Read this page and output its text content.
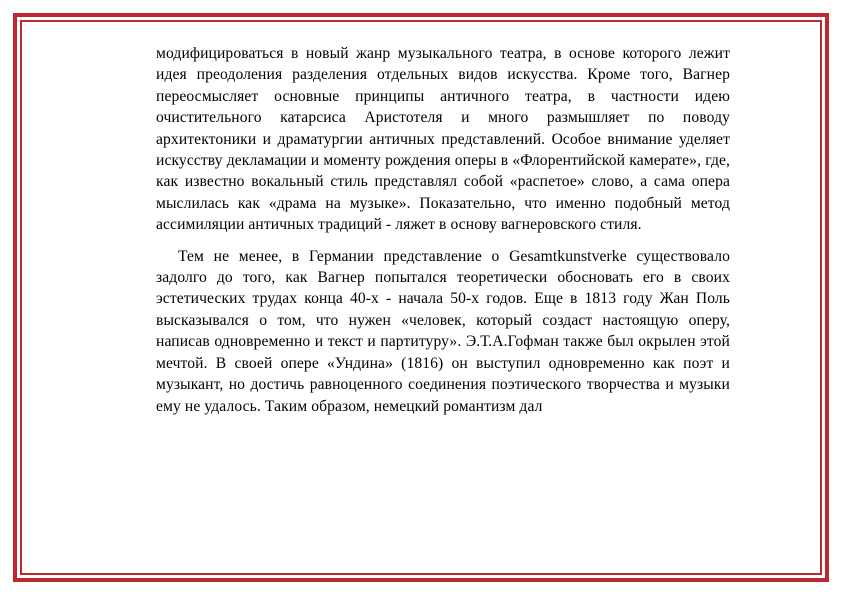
модифицироваться в новый жанр музыкального театра, в основе которого лежит идея преодоления разделения отдельных видов искусства. Кроме того, Вагнер переосмысляет основные принципы античного театра, в частности идею очистительного катарсиса Аристотеля и много размышляет по поводу архитектоники и драматургии античных представлений. Особое внимание уделяет искусству декламации и моменту рождения оперы в «Флорентийской камерате», где, как известно вокальный стиль представлял собой «распетое» слово, а сама опера мыслилась как «драма на музыке». Показательно, что именно подобный метод ассимиляции античных традиций - ляжет в основу вагнеровского стиля.

Тем не менее, в Германии представление о Gesamtkunstverke существовало задолго до того, как Вагнер попытался теоретически обосновать его в своих эстетических трудах конца 40-х - начала 50-х годов. Еще в 1813 году Жан Поль высказывался о том, что нужен «человек, который создаст настоящую оперу, написав одновременно и текст и партитуру». Э.Т.А.Гофман также был окрылен этой мечтой. В своей опере «Ундина» (1816) он выступил одновременно как поэт и музыкант, но достичь равноценного соединения поэтического творчества и музыки ему не удалось. Таким образом, немецкий романтизм дал
